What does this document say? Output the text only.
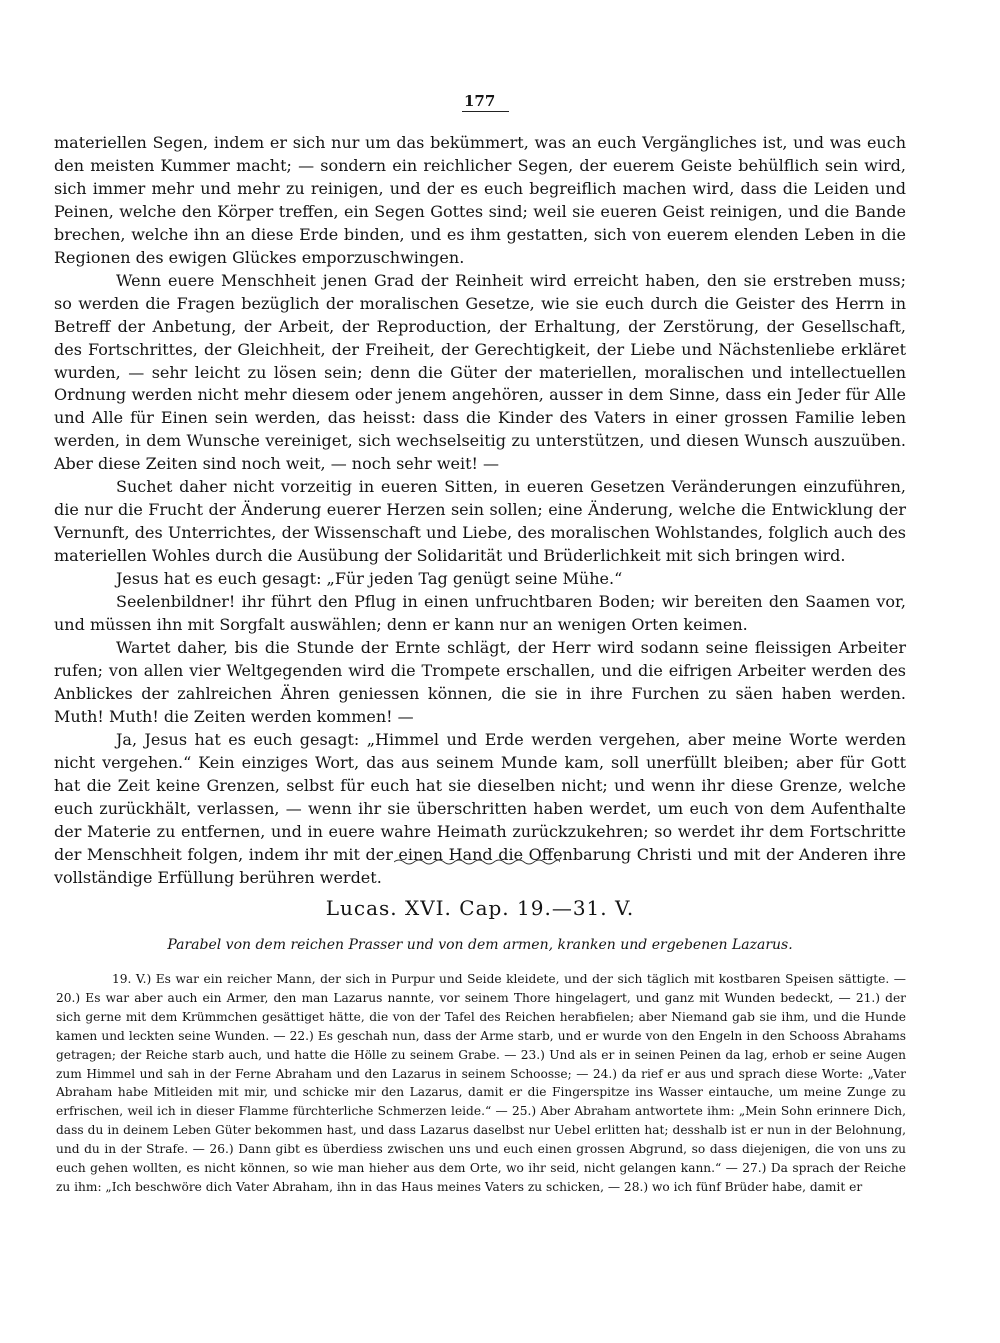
177

materiellen Segen, indem er sich nur um das bekümmert, was an euch Vergängliches ist, und was euch den meisten Kummer macht; — sondern ein reichlicher Segen, der euerem Geiste behülflich sein wird, sich immer mehr und mehr zu reinigen, und der es euch begreiflich machen wird, dass die Leiden und Peinen, welche den Körper treffen, ein Segen Gottes sind; weil sie eueren Geist reinigen, und die Bande brechen, welche ihn an diese Erde binden, und es ihm gestatten, sich von euerem elenden Leben in die Regionen des ewigen Glückes emporzuschwingen.

Wenn euere Menschheit jenen Grad der Reinheit wird erreicht haben, den sie erstreben muss; so werden die Fragen bezüglich der moralischen Gesetze, wie sie euch durch die Geister des Herrn in Betreff der Anbetung, der Arbeit, der Reproduction, der Erhaltung, der Zerstörung, der Gesellschaft, des Fortschrittes, der Gleichheit, der Freiheit, der Gerechtigkeit, der Liebe und Nächstenliebe erkläret wurden, — sehr leicht zu lösen sein; denn die Güter der materiellen, moralischen und intellectuellen Ordnung werden nicht mehr diesem oder jenem angehören, ausser in dem Sinne, dass ein Jeder für Alle und Alle für Einen sein werden, das heisst: dass die Kinder des Vaters in einer grossen Familie leben werden, in dem Wunsche vereiniget, sich wechselseitig zu unterstützen, und diesen Wunsch auszuüben. Aber diese Zeiten sind noch weit, — noch sehr weit! —

Suchet daher nicht vorzeitig in eueren Sitten, in eueren Gesetzen Veränderungen einzuführen, die nur die Frucht der Änderung euerer Herzen sein sollen; eine Änderung, welche die Entwicklung der Vernunft, des Unterrichtes, der Wissenschaft und Liebe, des moralischen Wohlstandes, folglich auch des materiellen Wohles durch die Ausübung der Solidarität und Brüderlichkeit mit sich bringen wird.

Jesus hat es euch gesagt: „Für jeden Tag genügt seine Mühe.“

Seelenbildner! ihr führt den Pflug in einen unfruchtbaren Boden; wir bereiten den Saamen vor, und müssen ihn mit Sorgfalt auswählen; denn er kann nur an wenigen Orten keimen.

Wartet daher, bis die Stunde der Ernte schlägt, der Herr wird sodann seine fleissigen Arbeiter rufen; von allen vier Weltgegenden wird die Trompete erschallen, und die eifrigen Arbeiter werden des Anblickes der zahlreichen Ähren geniessen können, die sie in ihre Furchen zu säen haben werden. Muth! Muth! die Zeiten werden kommen! —

Ja, Jesus hat es euch gesagt: „Himmel und Erde werden vergehen, aber meine Worte werden nicht vergehen.“ Kein einziges Wort, das aus seinem Munde kam, soll unerfüllt bleiben; aber für Gott hat die Zeit keine Grenzen, selbst für euch hat sie dieselben nicht; und wenn ihr diese Grenze, welche euch zurückhält, verlassen, — wenn ihr sie überschritten haben werdet, um euch von dem Aufenthalte der Materie zu entfernen, und in euere wahre Heimath zurückzukehren; so werdet ihr dem Fortschritte der Menschheit folgen, indem ihr mit der einen Hand die Offenbarung Christi und mit der Anderen ihre vollständige Erfüllung berühren werdet.

Lucas. XVI. Cap. 19.—31. V.
Parabel von dem reichen Prasser und von dem armen, kranken und ergebenen Lazarus.

19. V.) Es war ein reicher Mann, der sich in Purpur und Seide kleidete, und der sich täglich mit kostbaren Speisen sättigte. — 20.) Es war aber auch ein Armer, den man Lazarus nannte, vor seinem Thore hingelagert, und ganz mit Wunden bedeckt, — 21.) der sich gerne mit dem Krümmchen gesättiget hätte, die von der Tafel des Reichen herabfielen; aber Niemand gab sie ihm, und die Hunde kamen und leckten seine Wunden. — 22.) Es geschah nun, dass der Arme starb, und er wurde von den Engeln in den Schooss Abrahams getragen; der Reiche starb auch, und hatte die Hölle zu seinem Grabe. — 23.) Und als er in seinen Peinen da lag, erhob er seine Augen zum Himmel und sah in der Ferne Abraham und den Lazarus in seinem Schoosse; — 24.) da rief er aus und sprach diese Worte: „Vater Abraham habe Mitleiden mit mir, und schicke mir den Lazarus, damit er die Fingerspitze ins Wasser eintauche, um meine Zunge zu erfrischen, weil ich in dieser Flamme fürchterliche Schmerzen leide.“ — 25.) Aber Abraham antwortete ihm: „Mein Sohn erinnere Dich, dass du in deinem Leben Güter bekommen hast, und dass Lazarus daselbst nur Uebel erlitten hat; desshalb ist er nun in der Belohnung, und du in der Strafe. — 26.) Dann gibt es überdiess zwischen uns und euch einen grossen Abgrund, so dass diejenigen, die von uns zu euch gehen wollten, es nicht können, so wie man hieher aus dem Orte, wo ihr seid, nicht gelangen kann.“ — 27.) Da sprach der Reiche zu ihm: „Ich beschwöre dich Vater Abraham, ihn in das Haus meines Vaters zu schicken, — 28.) wo ich fünf Brüder habe, damit er
